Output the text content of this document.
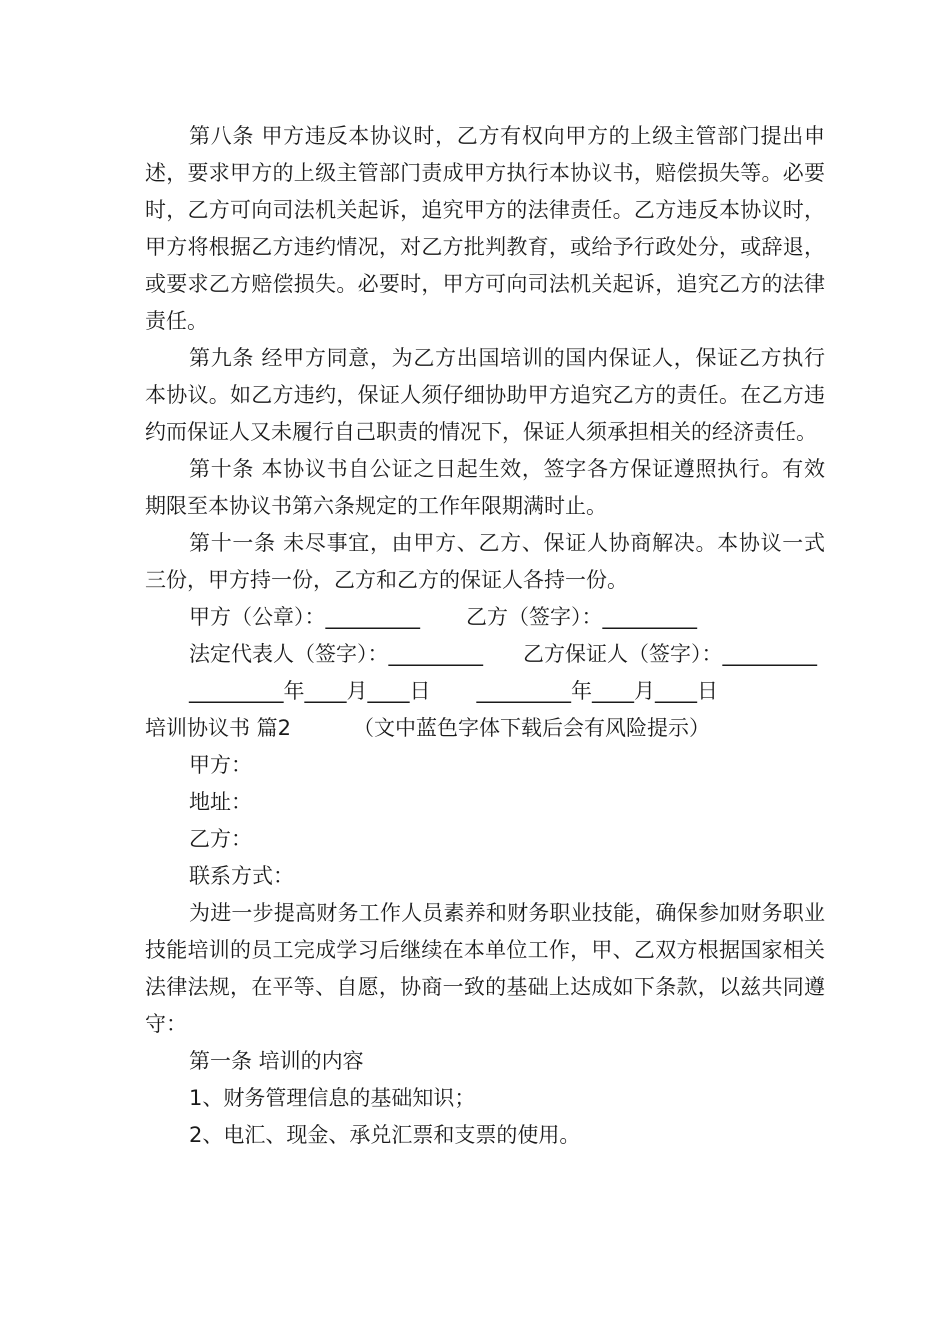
第八条 甲方违反本协议时，乙方有权向甲方的上级主管部门提出申述，要求甲方的上级主管部门责成甲方执行本协议书，赔偿损失等。必要时，乙方可向司法机关起诉，追究甲方的法律责任。乙方违反本协议时，甲方将根据乙方违约情况，对乙方批判教育，或给予行政处分，或辞退，或要求乙方赔偿损失。必要时，甲方可向司法机关起诉，追究乙方的法律责任。

第九条 经甲方同意，为乙方出国培训的国内保证人，保证乙方执行本协议。如乙方违约，保证人须仔细协助甲方追究乙方的责任。在乙方违约而保证人又未履行自己职责的情况下，保证人须承担相关的经济责任。

第十条 本协议书自公证之日起生效，签字各方保证遵照执行。有效期限至本协议书第六条规定的工作年限期满时止。

第十一条 未尽事宜，由甲方、乙方、保证人协商解决。本协议一式三份，甲方持一份，乙方和乙方的保证人各持一份。

甲方（公章）：_________ 乙方（签字）：_________

法定代表人（签字）：_________ 乙方保证人（签字）：_________

_________年____月____日 _________年____月____日

培训协议书 篇2	（文中蓝色字体下载后会有风险提示）

甲方：

地址：

乙方：

联系方式：

为进一步提高财务工作人员素养和财务职业技能，确保参加财务职业技能培训的员工完成学习后继续在本单位工作，甲、乙双方根据国家相关法律法规，在平等、自愿，协商一致的基础上达成如下条款，以兹共同遵守：

第一条 培训的内容

1、财务管理信息的基础知识；

2、电汇、现金、承兑汇票和支票的使用。
